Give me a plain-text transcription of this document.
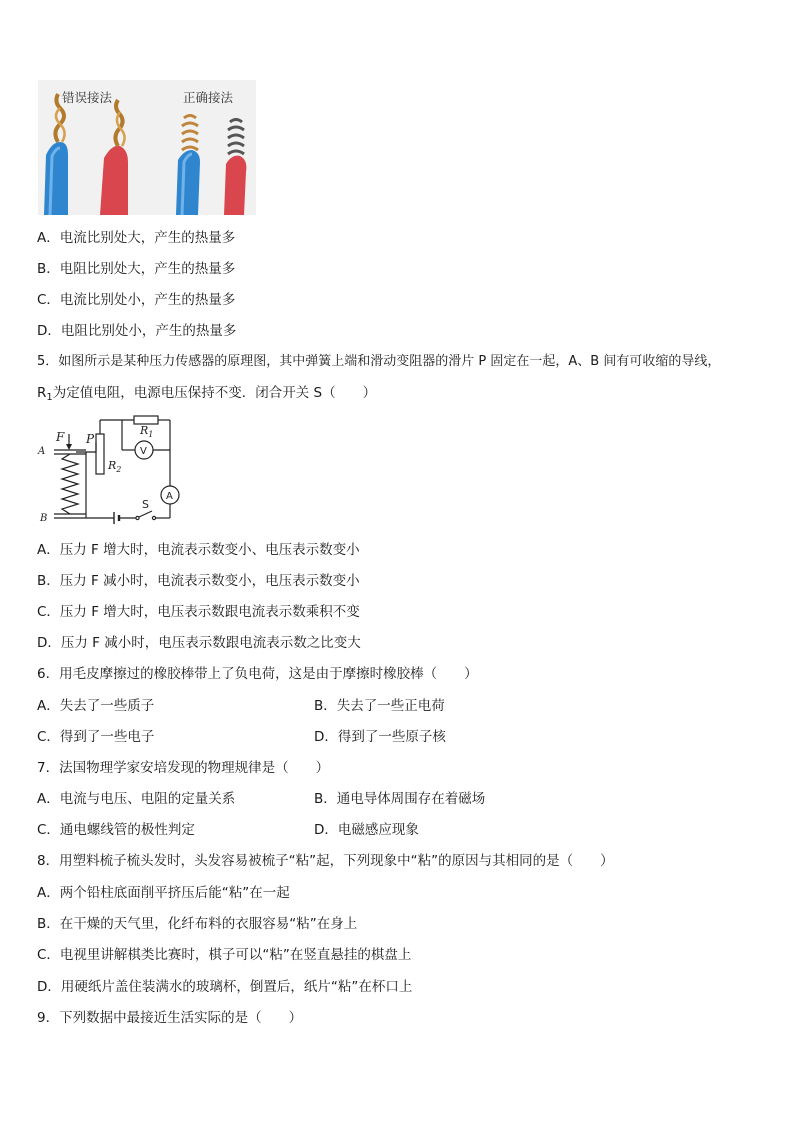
错误接法	正确接法
A．电流比别处大，产生的热量多
B．电阻比别处大，产生的热量多
C．电流比别处小，产生的热量多
D．电阻比别处小，产生的热量多
5．如图所示是某种压力传感器的原理图，其中弹簧上端和滑动变阻器的滑片 P 固定在一起，A、B 间有可收缩的导线，
$R_1$为定值电阻，电源电压保持不变．闭合开关 S（　　）
F P
A
B
$R_1$
$R_2$
V
A
S
A．压力 F 增大时，电流表示数变小、电压表示数变小
B．压力 F 减小时，电流表示数变小，电压表示数变小
C．压力 F 增大时，电压表示数跟电流表示数乘积不变
D．压力 F 减小时，电压表示数跟电流表示数之比变大
6．用毛皮摩擦过的橡胶棒带上了负电荷，这是由于摩擦时橡胶棒（　　）
A．失去了一些质子	B．失去了一些正电荷
C．得到了一些电子	D．得到了一些原子核
7．法国物理学家安培发现的物理规律是（　　）
A．电流与电压、电阻的定量关系	B．通电导体周围存在着磁场
C．通电螺线管的极性判定	D．电磁感应现象
8．用塑料梳子梳头发时，头发容易被梳子“粘”起，下列现象中“粘”的原因与其相同的是（　　）
A．两个铅柱底面削平挤压后能“粘”在一起
B．在干燥的天气里，化纤布料的衣服容易“粘”在身上
C．电视里讲解棋类比赛时，棋子可以“粘”在竖直悬挂的棋盘上
D．用硬纸片盖住装满水的玻璃杯，倒置后，纸片“粘”在杯口上
9．下列数据中最接近生活实际的是（　　）
